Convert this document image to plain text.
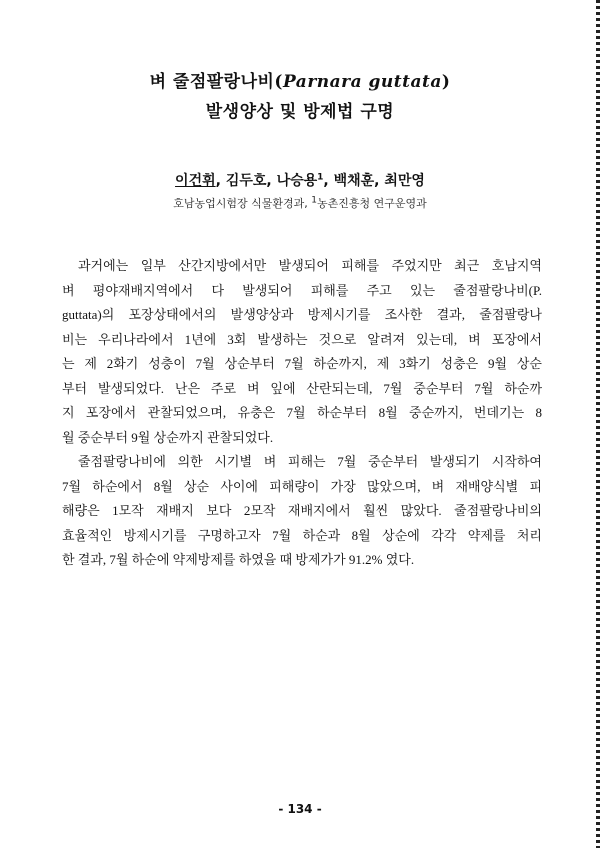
벼 줄점팔랑나비(Parnara guttata)
발생양상 및 방제법 구명
이건휘, 김두호, 나승용$^1$, 백채훈, 최만영
호남농업시험장 식물환경과, $^1$농촌진흥청 연구운영과
과거에는 일부 산간지방에서만 발생되어 피해를 주었지만 최근 호남지역
벼 평야재배지역에서 다 발생되어 피해를 주고 있는 줄점팔랑나비(P.
guttata)의 포장상태에서의 발생양상과 방제시기를 조사한 결과, 줄점팔랑나
비는 우리나라에서 1년에 3회 발생하는 것으로 알려져 있는데, 벼 포장에서
는 제 2화기 성충이 7월 상순부터 7월 하순까지, 제 3화기 성충은 9월 상순
부터 발생되었다. 난은 주로 벼 잎에 산란되는데, 7월 중순부터 7월 하순까
지 포장에서 관찰되었으며, 유충은 7월 하순부터 8월 중순까지, 번데기는 8
월 중순부터 9월 상순까지 관찰되었다.
줄점팔랑나비에 의한 시기별 벼 피해는 7월 중순부터 발생되기 시작하여
7월 하순에서 8월 상순 사이에 피해량이 가장 많았으며, 벼 재배양식별 피
해량은 1모작 재배지 보다 2모작 재배지에서 훨씬 많았다. 줄점팔랑나비의
효율적인 방제시기를 구명하고자 7월 하순과 8월 상순에 각각 약제를 처리
한 결과, 7월 하순에 약제방제를 하였을 때 방제가가 91.2% 였다.
- 134 -
